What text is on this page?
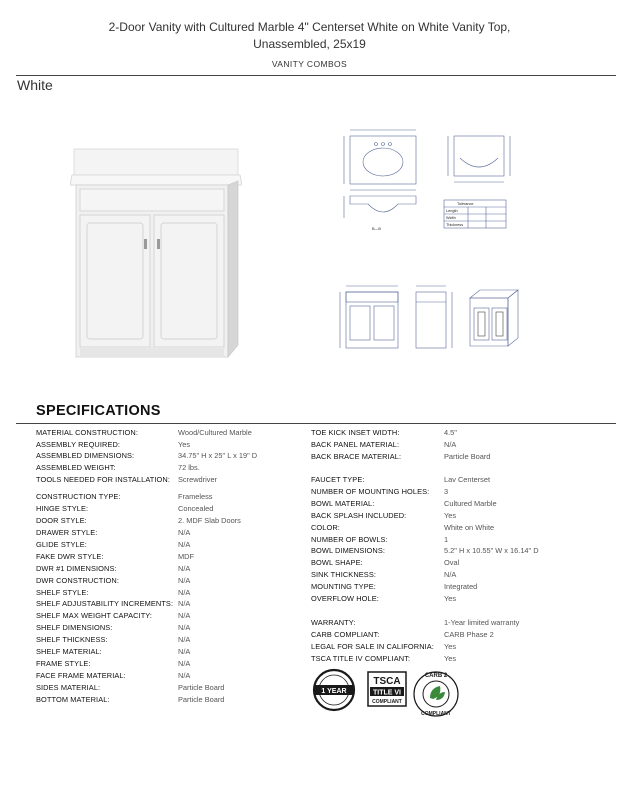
2-Door Vanity with Cultured Marble 4" Centerset White on White Vanity Top,
Unassembled, 25x19
VANITY COMBOS
White
Tolerance
Length
Width
Thickness
B—B
SPECIFICATIONS
MATERIAL CONSTRUCTION:	Wood/Cultured Marble
ASSEMBLY REQUIRED:	Yes
ASSEMBLED DIMENSIONS:	34.75" H x 25" L x 19" D
ASSEMBLED WEIGHT:	72 lbs.
TOOLS NEEDED FOR INSTALLATION: Screwdriver
CONSTRUCTION TYPE:	Frameless
HINGE STYLE:	Concealed
DOOR STYLE:	2. MDF Slab Doors
DRAWER STYLE:	N/A
GLIDE STYLE:	N/A
FAKE DWR STYLE:	MDF
DWR #1 DIMENSIONS:	N/A
DWR CONSTRUCTION:	N/A
SHELF STYLE:	N/A
SHELF ADJUSTABILITY INCREMENTS: N/A
SHELF MAX WEIGHT CAPACITY:	N/A
SHELF DIMENSIONS:	N/A
SHELF THICKNESS:	N/A
SHELF MATERIAL:	N/A
FRAME STYLE:	N/A
FACE FRAME MATERIAL:	N/A
SIDES MATERIAL:	Particle Board
BOTTOM MATERIAL:	Particle Board
TOE KICK INSET WIDTH:	4.5"
BACK PANEL MATERIAL:	N/A
BACK BRACE MATERIAL:	Particle Board
FAUCET TYPE:	Lav Centerset
NUMBER OF MOUNTING HOLES: 3
BOWL MATERIAL:	Cultured Marble
BACK SPLASH INCLUDED:	Yes
COLOR:	White on White
NUMBER OF BOWLS:	1
BOWL DIMENSIONS:	5.2" H x 10.55" W x 16.14" D
BOWL SHAPE:	Oval
SINK THICKNESS:	N/A
MOUNTING TYPE:	Integrated
OVERFLOW HOLE:	Yes
WARRANTY:	1-Year limited warranty
CARB COMPLIANT:	CARB Phase 2
LEGAL FOR SALE IN CALIFORNIA: Yes
TSCA TITLE IV COMPLIANT:	Yes
1 YEAR
TSCA
TITLE VI
COMPLIANT
CARB 2
COMPLIANT
